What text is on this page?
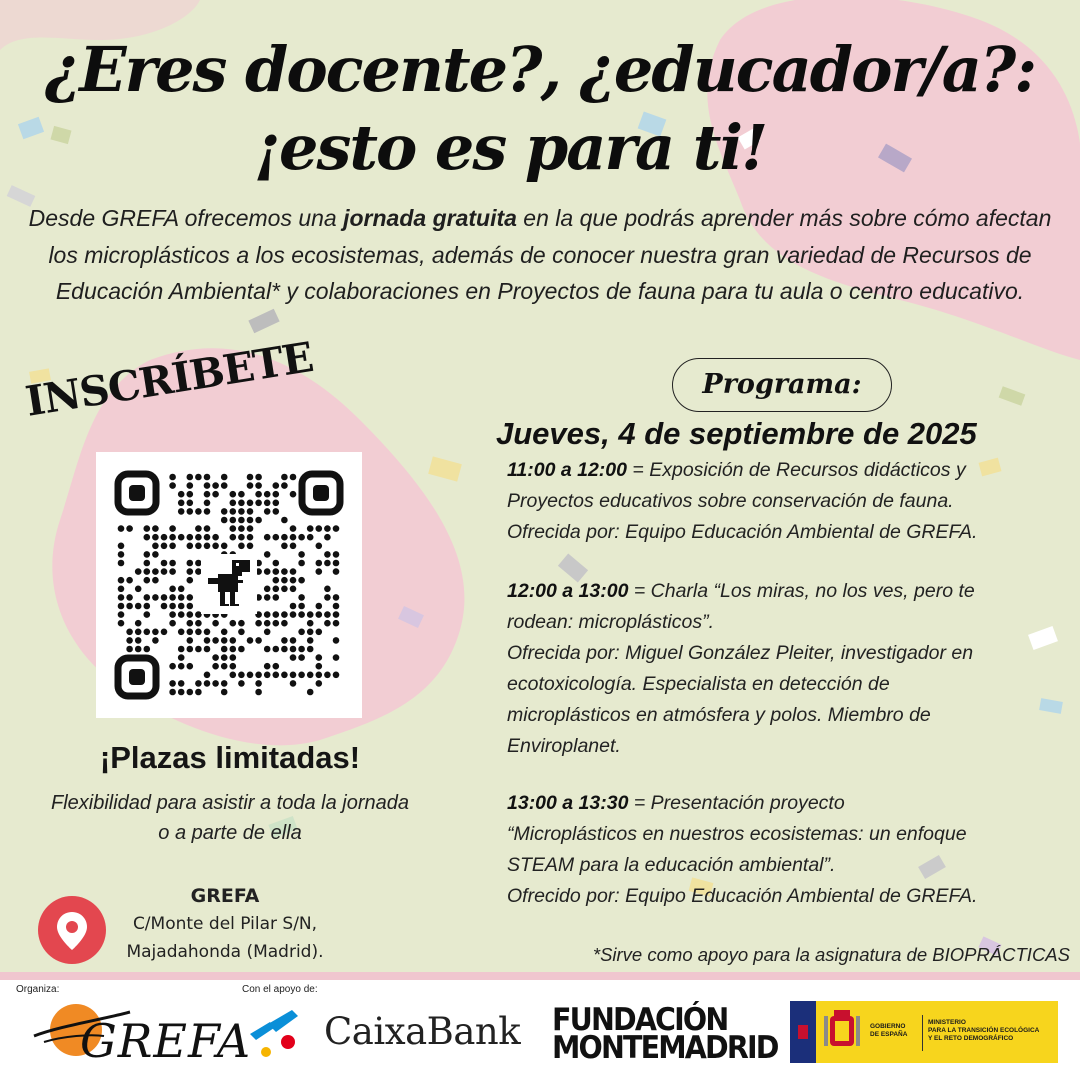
¿Eres docente?, ¿educador/a?:
¡esto es para ti!
Desde GREFA ofrecemos una jornada gratuita en la que podrás aprender más sobre cómo afectan los microplásticos a los ecosistemas, además de conocer nuestra gran variedad de Recursos de Educación Ambiental* y colaboraciones en Proyectos de fauna para tu aula o centro educativo.
INSCRÍBETE
¡Plazas limitadas!
Flexibilidad para asistir a toda la jornada
o a parte de ella
GREFA
C/Monte del Pilar S/N,
Majadahonda (Madrid).
Programa:
Jueves, 4 de septiembre de 2025
11:00 a 12:00 = Exposición de Recursos didácticos y
Proyectos educativos sobre conservación de fauna.
Ofrecida por: Equipo Educación Ambiental de GREFA.
12:00 a 13:00 = Charla “Los miras, no los ves, pero te
rodean: microplásticos”.
Ofrecida por: Miguel González Pleiter, investigador en
ecotoxicología. Especialista en detección de
microplásticos en atmósfera y polos. Miembro de
Enviroplanet.
13:00 a 13:30 = Presentación proyecto
“Microplásticos en nuestros ecosistemas: un enfoque
STEAM para la educación ambiental”.
Ofrecido por: Equipo Educación Ambiental de GREFA.
*Sirve como apoyo para la asignatura de BIOPRÁCTICAS
Organiza:
GREFA
Con el apoyo de:
CaixaBank FUNDACIÓN
MONTEMADRID
GOBIERNO
DE ESPAÑA
MINISTERIO
PARA LA TRANSICIÓN ECOLÓGICA
Y EL RETO DEMOGRÁFICO
